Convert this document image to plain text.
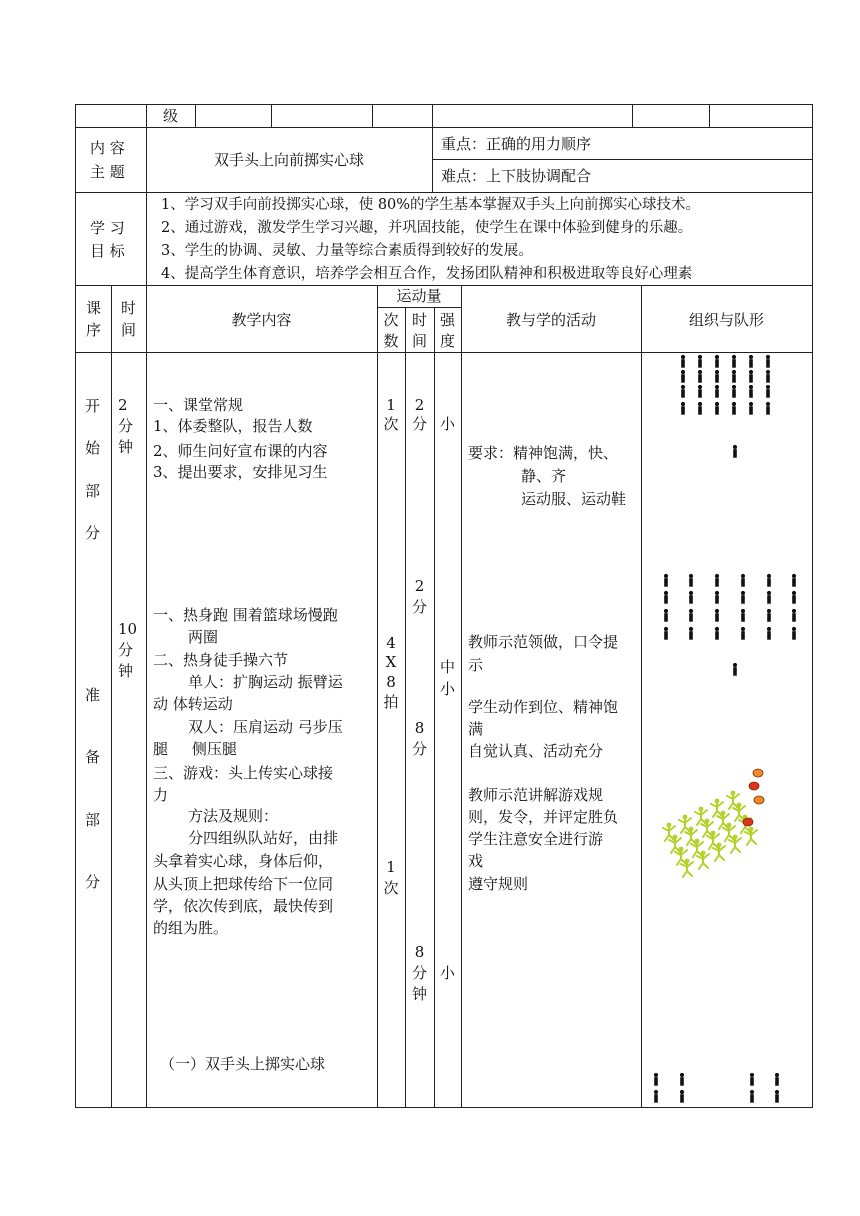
级
内 容
主 题
双手头上向前掷实心球
重点：正确的用力顺序
难点：上下肢协调配合
学 习
目 标
1、学习双手向前投掷实心球，使 80%的学生基本掌握双手头上向前掷实心球技术。
2、通过游戏，激发学生学习兴趣，并巩固技能，使学生在课中体验到健身的乐趣。
3、学生的协调、灵敏、力量等综合素质得到较好的发展。
4、提高学生体育意识，培养学会相互合作，发扬团队精神和积极进取等良好心理素
课
序
时
间
教学内容
运动量
次
数
时
间
强
度
教与学的活动	组织与队形
开
始
部
分
2
分
钟
一、课堂常规
1、体委整队，报告人数
2、师生问好宣布课的内容
3、提出要求，安排见习生
1
次
2
分 小
要求：精神饱满，快、
静、齐
运动服、运动鞋
准
备
部
分
10
分
钟
一、热身跑 围着篮球场慢跑
两圈
二、热身徒手操六节
单人：扩胸运动 振臂运
动 体转运动
双人：压肩运动 弓步压
腿     侧压腿
三、游戏：头上传实心球接
力
方法及规则：
分四组纵队站好，由排
头拿着实心球，身体后仰，
从头顶上把球传给下一位同
学，依次传到底，最快传到
的组为胜。
4
X
8
拍
1
次
2
分
8
分
8
分
钟
中
小
小
教师示范领做，口令提
示
学生动作到位、精神饱
满
自觉认真、活动充分
教师示范讲解游戏规
则，发令，并评定胜负
学生注意安全进行游
戏
遵守规则
（一）双手头上掷实心球
